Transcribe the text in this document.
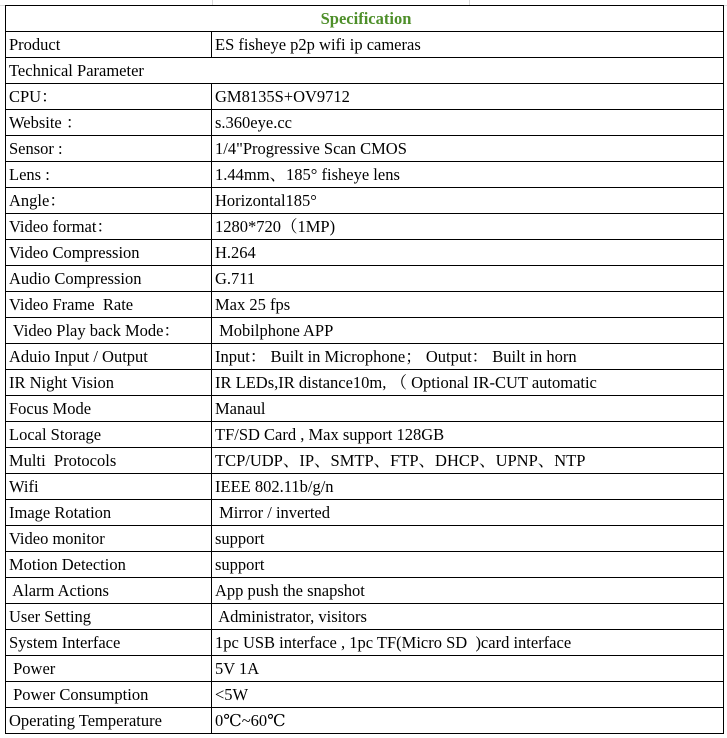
Specification	
Product	ES fisheye p2p wifi ip cameras
Technical Parameter	
CPU：	GM8135S+OV9712
Website ：	s.360eye.cc
Sensor :	1/4"Progressive Scan CMOS
Lens :	1.44mm、185° fisheye lens
Angle：	Horizontal185°
Video format：	1280*720（1MP)
Video Compression	H.264
Audio Compression	G.711
Video Frame  Rate	Max 25 fps
Video Play back Mode：	Mobilphone APP
Aduio Input / Output	Input： Built in Microphone； Output： Built in horn
IR Night Vision	IR LEDs,IR distance10m, （ Optional IR-CUT automatic
Focus Mode	Manaul
Local Storage	TF/SD Card , Max support 128GB
Multi  Protocols	TCP/UDP、IP、SMTP、FTP、DHCP、UPNP、NTP
Wifi	IEEE 802.11b/g/n
Image Rotation	Mirror / inverted
Video monitor	support
Motion Detection	support
Alarm Actions	App push the snapshot
User Setting	Administrator, visitors
System Interface	1pc USB interface , 1pc TF(Micro SD  )card interface
Power	5V 1A
Power Consumption	<5W
Operating Temperature	0℃~60℃
